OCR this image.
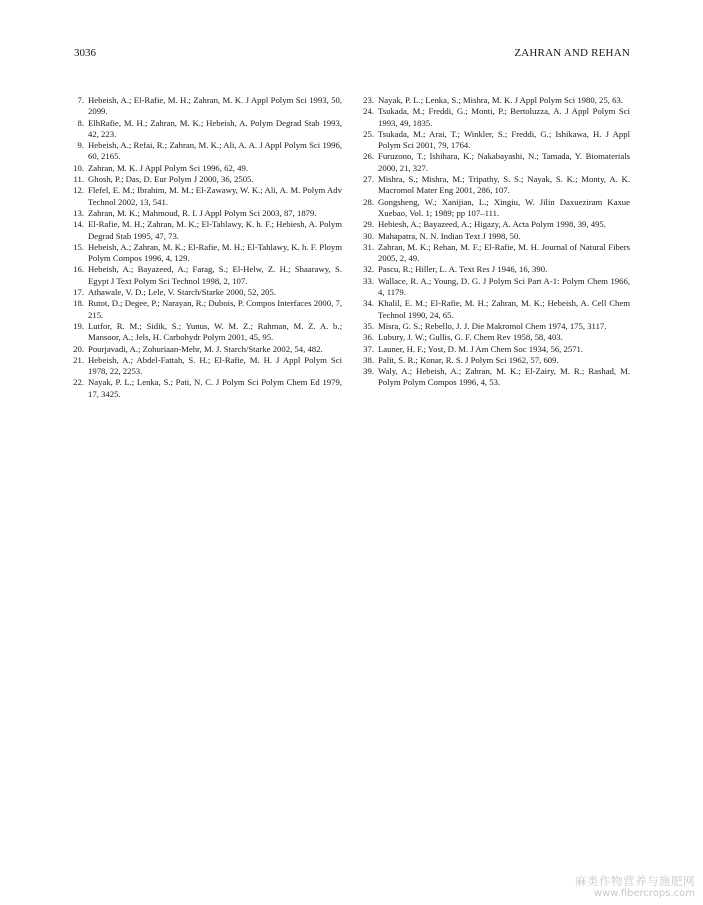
3036	ZAHRAN AND REHAN
7. Hebeish, A.; El-Rafie, M. H.; Zahran, M. K. J Appl Polym Sci 1993, 50, 2099.
8. ElhRafie, M. H.; Zahran, M. K.; Hebeish, A. Polym Degrad Stab 1993, 42, 223.
9. Hebeish, A.; Refai, R.; Zahran, M. K.; Ali, A. A. J Appl Polym Sci 1996, 60, 2165.
10. Zahran, M. K. J Appl Polym Sci 1996, 62, 49.
11. Ghosh, P.; Das, D. Eur Polym J 2000, 36, 2505.
12. Flefel, E. M.; Ibrahim, M. M.; El-Zawawy, W. K.; Ali, A. M. Polym Adv Technol 2002, 13, 541.
13. Zahran, M. K.; Mahmoud, R. I. J Appl Polym Sci 2003, 87, 1879.
14. El-Rafie, M. H.; Zahran, M. K.; El-Tahlawy, K. h. F.; Hebiesh, A. Polym Degrad Stab 1995, 47, 73.
15. Hebeish, A.; Zahran, M. K.; El-Rafie, M. H.; El-Tahlawy, K. h. F. Ploym Polym Compos 1996, 4, 129.
16. Hebeish, A.; Bayazeed, A.; Farag, S.; El-Helw, Z. H.; Shaarawy, S. Egypt J Text Polym Sci Technol 1998, 2, 107.
17. Athawale, V. D.; Lele, V. Starch/Starke 2000, 52, 205.
18. Rutot, D.; Degee, P.; Narayan, R.; Dubois, P. Compos Interfaces 2000, 7, 215.
19. Lutfor, R. M.; Sidik, S.; Yunus, W. M. Z.; Rahman, M. Z. A. b.; Mansoor, A.; Jels, H. Carbohydr Polym 2001, 45, 95.
20. Pourjavadi, A.; Zohuriaan-Mehr, M. J. Starch/Starke 2002, 54, 482.
21. Hebeish, A.; Abdel-Fattah, S. H.; El-Rafie, M. H. J Appl Polym Sci 1978, 22, 2253.
22. Nayak, P. L.; Lenka, S.; Pati, N. C. J Polym Sci Polym Chem Ed 1979, 17, 3425.
23. Nayak, P. L.; Lenka, S.; Mishra, M. K. J Appl Polym Sci 1980, 25, 63.
24. Tsukada, M.; Freddi, G.; Monti, P.; Bertoluzza, A. J Appl Polym Sci 1993, 49, 1835.
25. Tsukada, M.; Arai, T.; Winkler, S.; Freddi, G.; Ishikawa, H. J Appl Polym Sci 2001, 79, 1764.
26. Furuzono, T.; Ishihara, K.; Nakabayashi, N.; Tamada, Y. Biomaterials 2000, 21, 327.
27. Mishra, S.; Mishra, M.; Tripathy, S. S.; Nayak, S. K.; Monty, A. K. Macromol Mater Eng 2001, 286, 107.
28. Gongsheng, W.; Xanijian, L.; Xingiu, W. Jilin Daxueziram Kaxue Xuebao, Vol. 1; 1989; pp 107–111.
29. Hebiesh, A.; Bayazeed, A.; Higazy, A. Acta Polym 1998, 39, 495.
30. Mahapatra, N. N. Indian Text J 1998, 50.
31. Zahran, M. K.; Rehan, M. F.; El-Rafie, M. H. Journal of Natural Fibers 2005, 2, 49.
32. Pascu, R.; Hiller, L. A. Text Res J 1946, 16, 390.
33. Wallace, R. A.; Young, D. G. J Polym Sci Part A-1: Polym Chem 1966, 4, 1179.
34. Khalil, E. M.; El-Rafie, M. H.; Zahran, M. K.; Hebeish, A. Cell Chem Technol 1990, 24, 65.
35. Misra, G. S.; Rebello, J. J. Die Makromol Chem 1974, 175, 3117.
36. Lubury, J. W.; Gullis, G. F. Chem Rev 1958, 58, 403.
37. Launer, H. F.; Yost, D. M. J Am Chem Soc 1934, 56, 2571.
38. Palit, S. R.; Konar, R. S. J Polym Sci 1962, 57, 609.
39. Waly, A.; Hebeish, A.; Zahran, M. K.; El-Zairy, M. R.; Rashad, M. Polym Polym Compos 1996, 4, 53.
麻类作物营养与施肥网
www.fibercrops.com
